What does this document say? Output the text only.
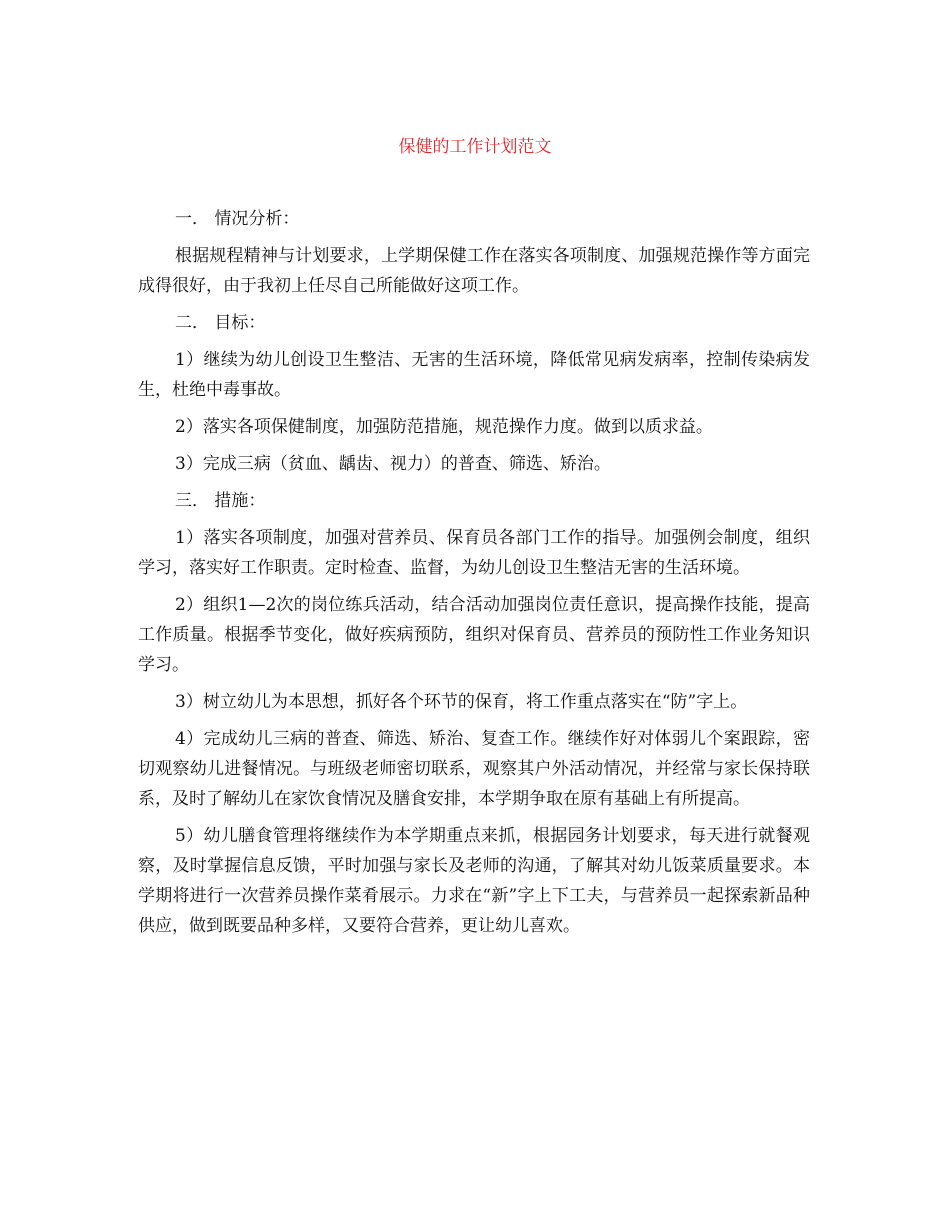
保健的工作计划范文

一． 情况分析：

根据规程精神与计划要求，上学期保健工作在落实各项制度、加强规范操作等方面完成得很好，由于我初上任尽自己所能做好这项工作。

二． 目标：

1）继续为幼儿创设卫生整洁、无害的生活环境，降低常见病发病率，控制传染病发生，杜绝中毒事故。

2）落实各项保健制度，加强防范措施，规范操作力度。做到以质求益。

3）完成三病（贫血、龋齿、视力）的普查、筛选、矫治。

三． 措施：

1）落实各项制度，加强对营养员、保育员各部门工作的指导。加强例会制度，组织学习，落实好工作职责。定时检查、监督，为幼儿创设卫生整洁无害的生活环境。

2）组织1—2次的岗位练兵活动，结合活动加强岗位责任意识，提高操作技能，提高工作质量。根据季节变化，做好疾病预防，组织对保育员、营养员的预防性工作业务知识学习。

3）树立幼儿为本思想，抓好各个环节的保育，将工作重点落实在“防”字上。

4）完成幼儿三病的普查、筛选、矫治、复查工作。继续作好对体弱儿个案跟踪，密切观察幼儿进餐情况。与班级老师密切联系，观察其户外活动情况，并经常与家长保持联系，及时了解幼儿在家饮食情况及膳食安排，本学期争取在原有基础上有所提高。

5）幼儿膳食管理将继续作为本学期重点来抓，根据园务计划要求，每天进行就餐观察，及时掌握信息反馈，平时加强与家长及老师的沟通，了解其对幼儿饭菜质量要求。本学期将进行一次营养员操作菜肴展示。力求在“新”字上下工夫，与营养员一起探索新品种供应，做到既要品种多样，又要符合营养，更让幼儿喜欢。
